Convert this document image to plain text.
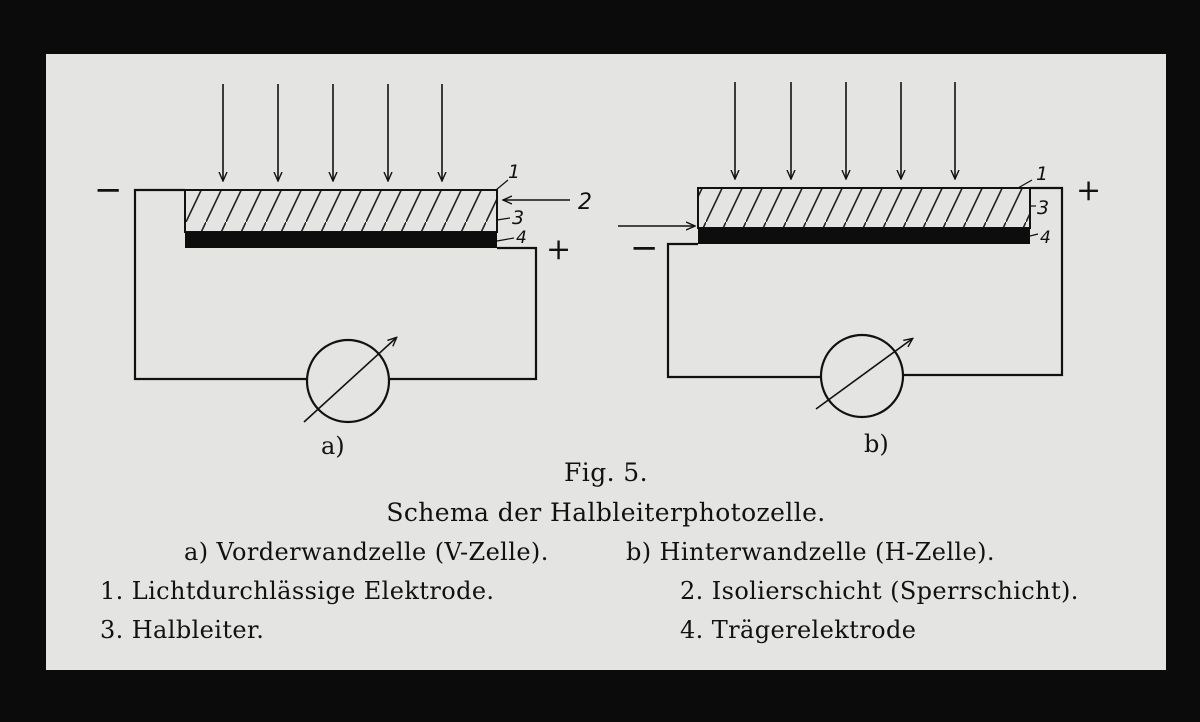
1
2
3
4
−
+
a)
1
3
4
−
+
b)
Fig. 5.
Schema der Halbleiterphotozelle.
a) Vorderwandzelle (V-Zelle).	b) Hinterwandzelle (H-Zelle).
1. Lichtdurchlässige Elektrode.	2. Isolierschicht (Sperrschicht).
3. Halbleiter.	4. Trägerelektrode
